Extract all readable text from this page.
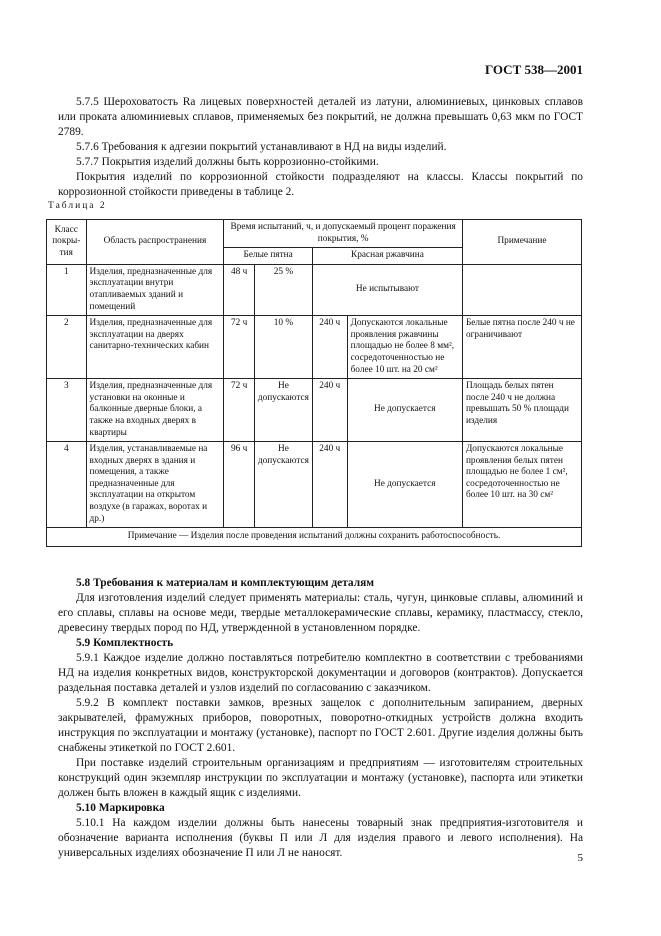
ГОСТ 538—2001

5.7.5 Шероховатость Ra лицевых поверхностей деталей из латуни, алюминиевых, цинковых сплавов или проката алюминиевых сплавов, применяемых без покрытий, не должна превышать 0,63 мкм по ГОСТ 2789.

5.7.6 Требования к адгезии покрытий устанавливают в НД на виды изделий.

5.7.7 Покрытия изделий должны быть коррозионно-стойкими.

Покрытия изделий по коррозионной стойкости подразделяют на классы. Классы покрытий по коррозионной стойкости приведены в таблице 2.

Таблица 2
Класс покры-тия	Область распространения	Время испытаний, ч, и допускаемый процент поражения покрытия, %				Примечание
		Белые пятна		Красная ржавчина		
1	Изделия, предназначенные для эксплуатации внутри отапливаемых зданий и помещений	48 ч	25 %	Не испытывают		
2	Изделия, предназначенные для эксплуатации на дверях санитарно-технических кабин	72 ч	10 %	240 ч	Допускаются локальные проявления ржавчины площадью не более 8 мм², сосредоточенностью не более 10 шт. на 20 см²	Белые пятна после 240 ч не ограничивают
3	Изделия, предназначенные для установки на оконные и балконные дверные блоки, а также на входных дверях в квартиры	72 ч	Не допускаются	240 ч	Не допускается	Площадь белых пятен после 240 ч не должна превышать 50 % площади изделия
4	Изделия, устанавливаемые на входных дверях в здания и помещения, а также предназначенные для эксплуатации на открытом воздухе (в гаражах, воротах и др.)	96 ч	Не допускаются	240 ч	Не допускается	Допускаются локальные проявления белых пятен площадью не более 1 см², сосредоточенностью не более 10 шт. на 30 см²
Примечание — Изделия после проведения испытаний должны сохранить работоспособность.						

5.8 Требования к материалам и комплектующим деталям

Для изготовления изделий следует применять материалы: сталь, чугун, цинковые сплавы, алюминий и его сплавы, сплавы на основе меди, твердые металлокерамические сплавы, керамику, пластмассу, стекло, древесину твердых пород по НД, утвержденной в установленном порядке.

5.9 Комплектность

5.9.1 Каждое изделие должно поставляться потребителю комплектно в соответствии с требованиями НД на изделия конкретных видов, конструкторской документации и договоров (контрактов). Допускается раздельная поставка деталей и узлов изделий по согласованию с заказчиком.

5.9.2 В комплект поставки замков, врезных защелок с дополнительным запиранием, дверных закрывателей, фрамужных приборов, поворотных, поворотно-откидных устройств должна входить инструкция по эксплуатации и монтажу (установке), паспорт по ГОСТ 2.601. Другие изделия должны быть снабжены этикеткой по ГОСТ 2.601.

При поставке изделий строительным организациям и предприятиям — изготовителям строительных конструкций один экземпляр инструкции по эксплуатации и монтажу (установке), паспорта или этикетки должен быть вложен в каждый ящик с изделиями.

5.10 Маркировка

5.10.1 На каждом изделии должны быть нанесены товарный знак предприятия-изготовителя и обозначение варианта исполнения (буквы П или Л для изделия правого и левого исполнения). На универсальных изделиях обозначение П или Л не наносят.	5
